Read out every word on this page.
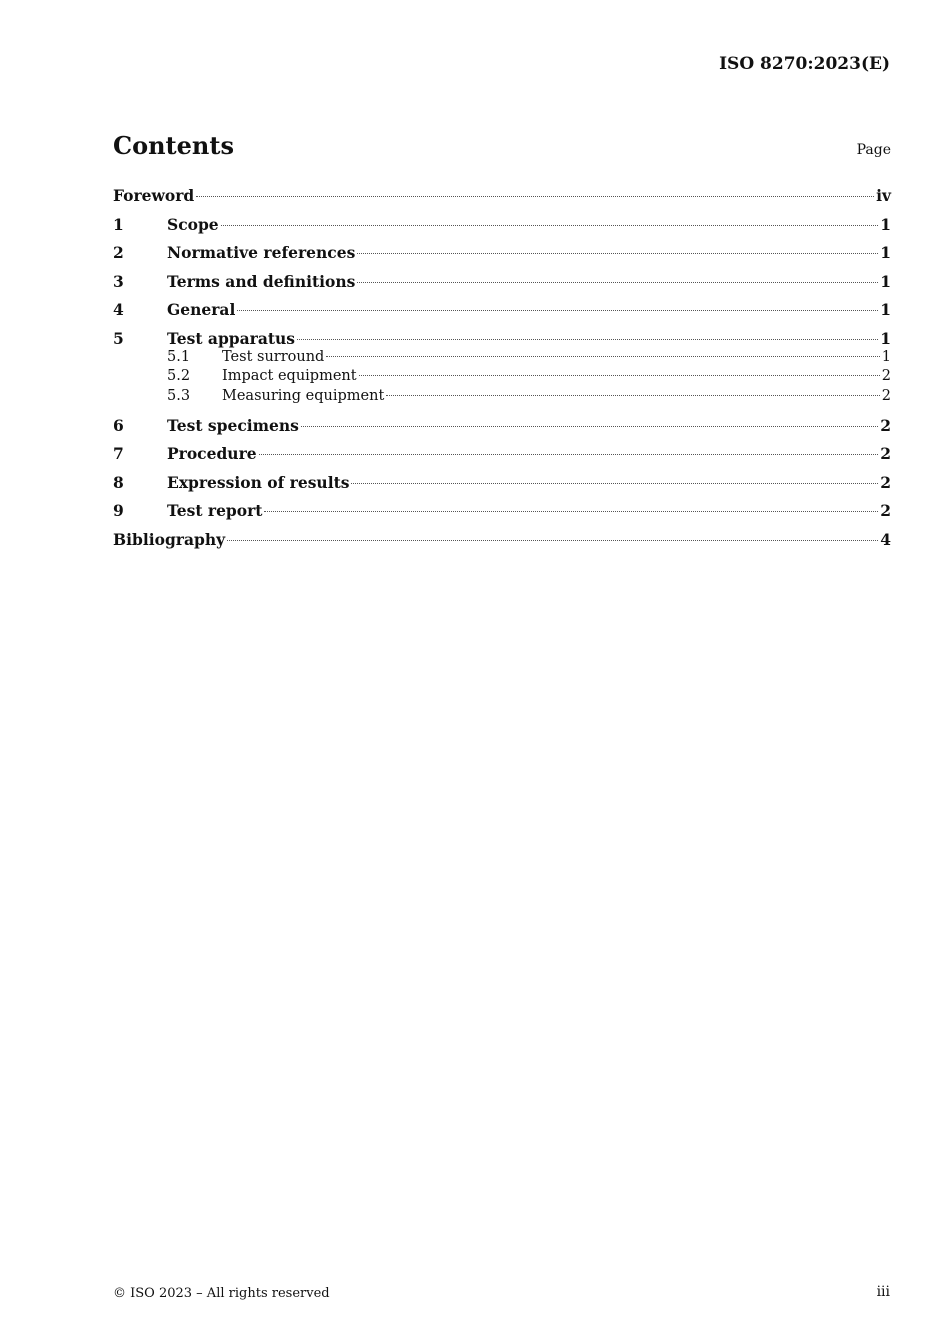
ISO 8270:2023(E)
Contents	Page
Foreword	iv
1	Scope	1
2	Normative references	1
3	Terms and definitions	1
4	General	1
5	Test apparatus	1
5.1	Test surround	1
5.2	Impact equipment	2
5.3	Measuring equipment	2
6	Test specimens	2
7	Procedure	2
8	Expression of results	2
9	Test report	2
Bibliography	4
© ISO 2023 – All rights reserved	iii
